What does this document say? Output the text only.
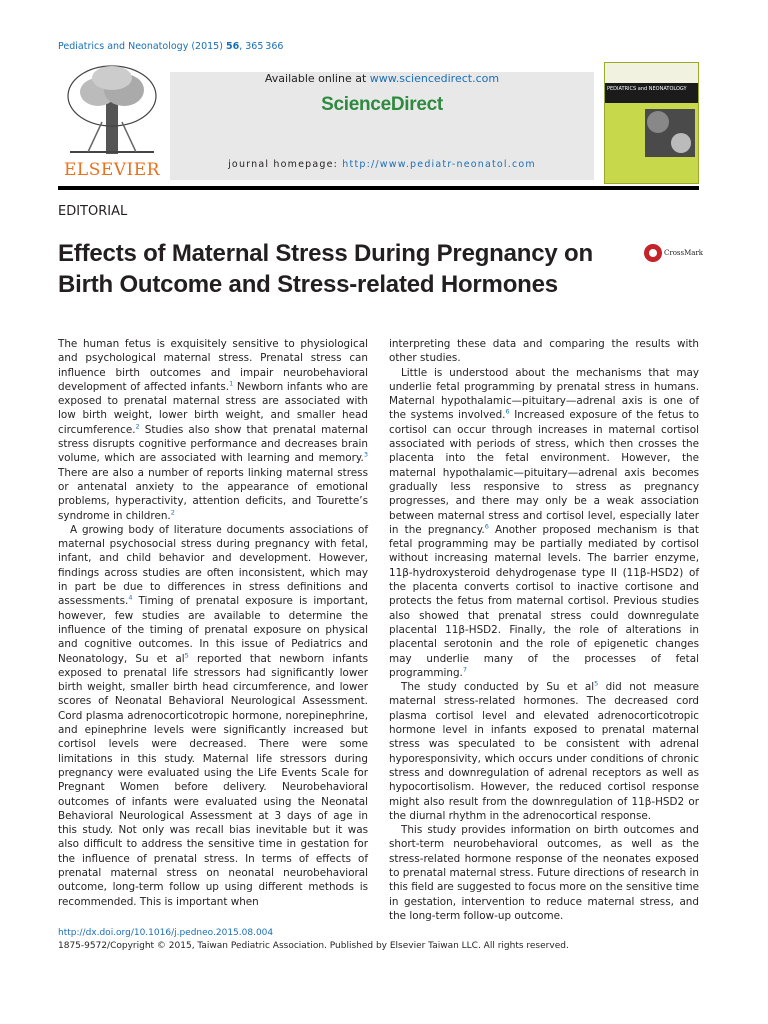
Pediatrics and Neonatology (2015) 56, 365 366
ELSEVIER
Available online at www.sciencedirect.com
ScienceDirect
journal homepage: http://www.pediatr-neonatol.com
PEDIATRICS and NEONATOLOGY
EDITORIAL
Effects of Maternal Stress During Pregnancy on
Birth Outcome and Stress-related Hormones
CrossMark

The human fetus is exquisitely sensitive to physiological and psychological maternal stress. Prenatal stress can influence birth outcomes and impair neurobehavioral development of affected infants.$^1$ Newborn infants who are exposed to prenatal maternal stress are associated with low birth weight, lower birth weight, and smaller head circumference.$^2$ Studies also show that prenatal maternal stress disrupts cognitive performance and decreases brain volume, which are associated with learning and memory.$^3$ There are also a number of reports linking maternal stress or antenatal anxiety to the appearance of emotional problems, hyperactivity, attention deficits, and Tourette’s syndrome in children.$^2$

A growing body of literature documents associations of maternal psychosocial stress during pregnancy with fetal, infant, and child behavior and development. However, findings across studies are often inconsistent, which may in part be due to differences in stress definitions and assessments.$^4$ Timing of prenatal exposure is important, however, few studies are available to determine the influence of the timing of prenatal exposure on physical and cognitive outcomes. In this issue of Pediatrics and Neonatology, Su et $al^5$ reported that newborn infants exposed to prenatal life stressors had significantly lower birth weight, smaller birth head circumference, and lower scores of Neonatal Behavioral Neurological Assessment. Cord plasma adrenocorticotropic hormone, norepinephrine, and epinephrine levels were significantly increased but cortisol levels were decreased. There were some limitations in this study. Maternal life stressors during pregnancy were evaluated using the Life Events Scale for Pregnant Women before delivery. Neurobehavioral outcomes of infants were evaluated using the Neonatal Behavioral Neurological Assessment at 3 days of age in this study. Not only was recall bias inevitable but it was also difficult to address the sensitive time in gestation for the influence of prenatal stress. In terms of effects of prenatal maternal stress on neonatal neurobehavioral outcome, long-term follow up using different methods is recommended. This is important when

interpreting these data and comparing the results with other studies.

Little is understood about the mechanisms that may underlie fetal programming by prenatal stress in humans. Maternal hypothalamic—pituitary—adrenal axis is one of the systems involved.$^6$ Increased exposure of the fetus to cortisol can occur through increases in maternal cortisol associated with periods of stress, which then crosses the placenta into the fetal environment. However, the maternal hypothalamic—pituitary—adrenal axis becomes gradually less responsive to stress as pregnancy progresses, and there may only be a weak association between maternal stress and cortisol level, especially later in the pregnancy.$^6$ Another proposed mechanism is that fetal programming may be partially mediated by cortisol without increasing maternal levels. The barrier enzyme, 11β-hydroxysteroid dehydrogenase type II (11β-HSD2) of the placenta converts cortisol to inactive cortisone and protects the fetus from maternal cortisol. Previous studies also showed that prenatal stress could downregulate placental 11β-HSD2. Finally, the role of alterations in placental serotonin and the role of epigenetic changes may underlie many of the processes of fetal programming.$^7$

The study conducted by Su et $al^5$ did not measure maternal stress-related hormones. The decreased cord plasma cortisol level and elevated adrenocorticotropic hormone level in infants exposed to prenatal maternal stress was speculated to be consistent with adrenal hyporesponsivity, which occurs under conditions of chronic stress and downregulation of adrenal receptors as well as hypocortisolism. However, the reduced cortisol response might also result from the downregulation of 11β-HSD2 or the diurnal rhythm in the adrenocortical response.

This study provides information on birth outcomes and short-term neurobehavioral outcomes, as well as the stress-related hormone response of the neonates exposed to prenatal maternal stress. Future directions of research in this field are suggested to focus more on the sensitive time in gestation, intervention to reduce maternal stress, and the long-term follow-up outcome.

http://dx.doi.org/10.1016/j.pedneo.2015.08.004
1875-9572/Copyright © 2015, Taiwan Pediatric Association. Published by Elsevier Taiwan LLC. All rights reserved.
